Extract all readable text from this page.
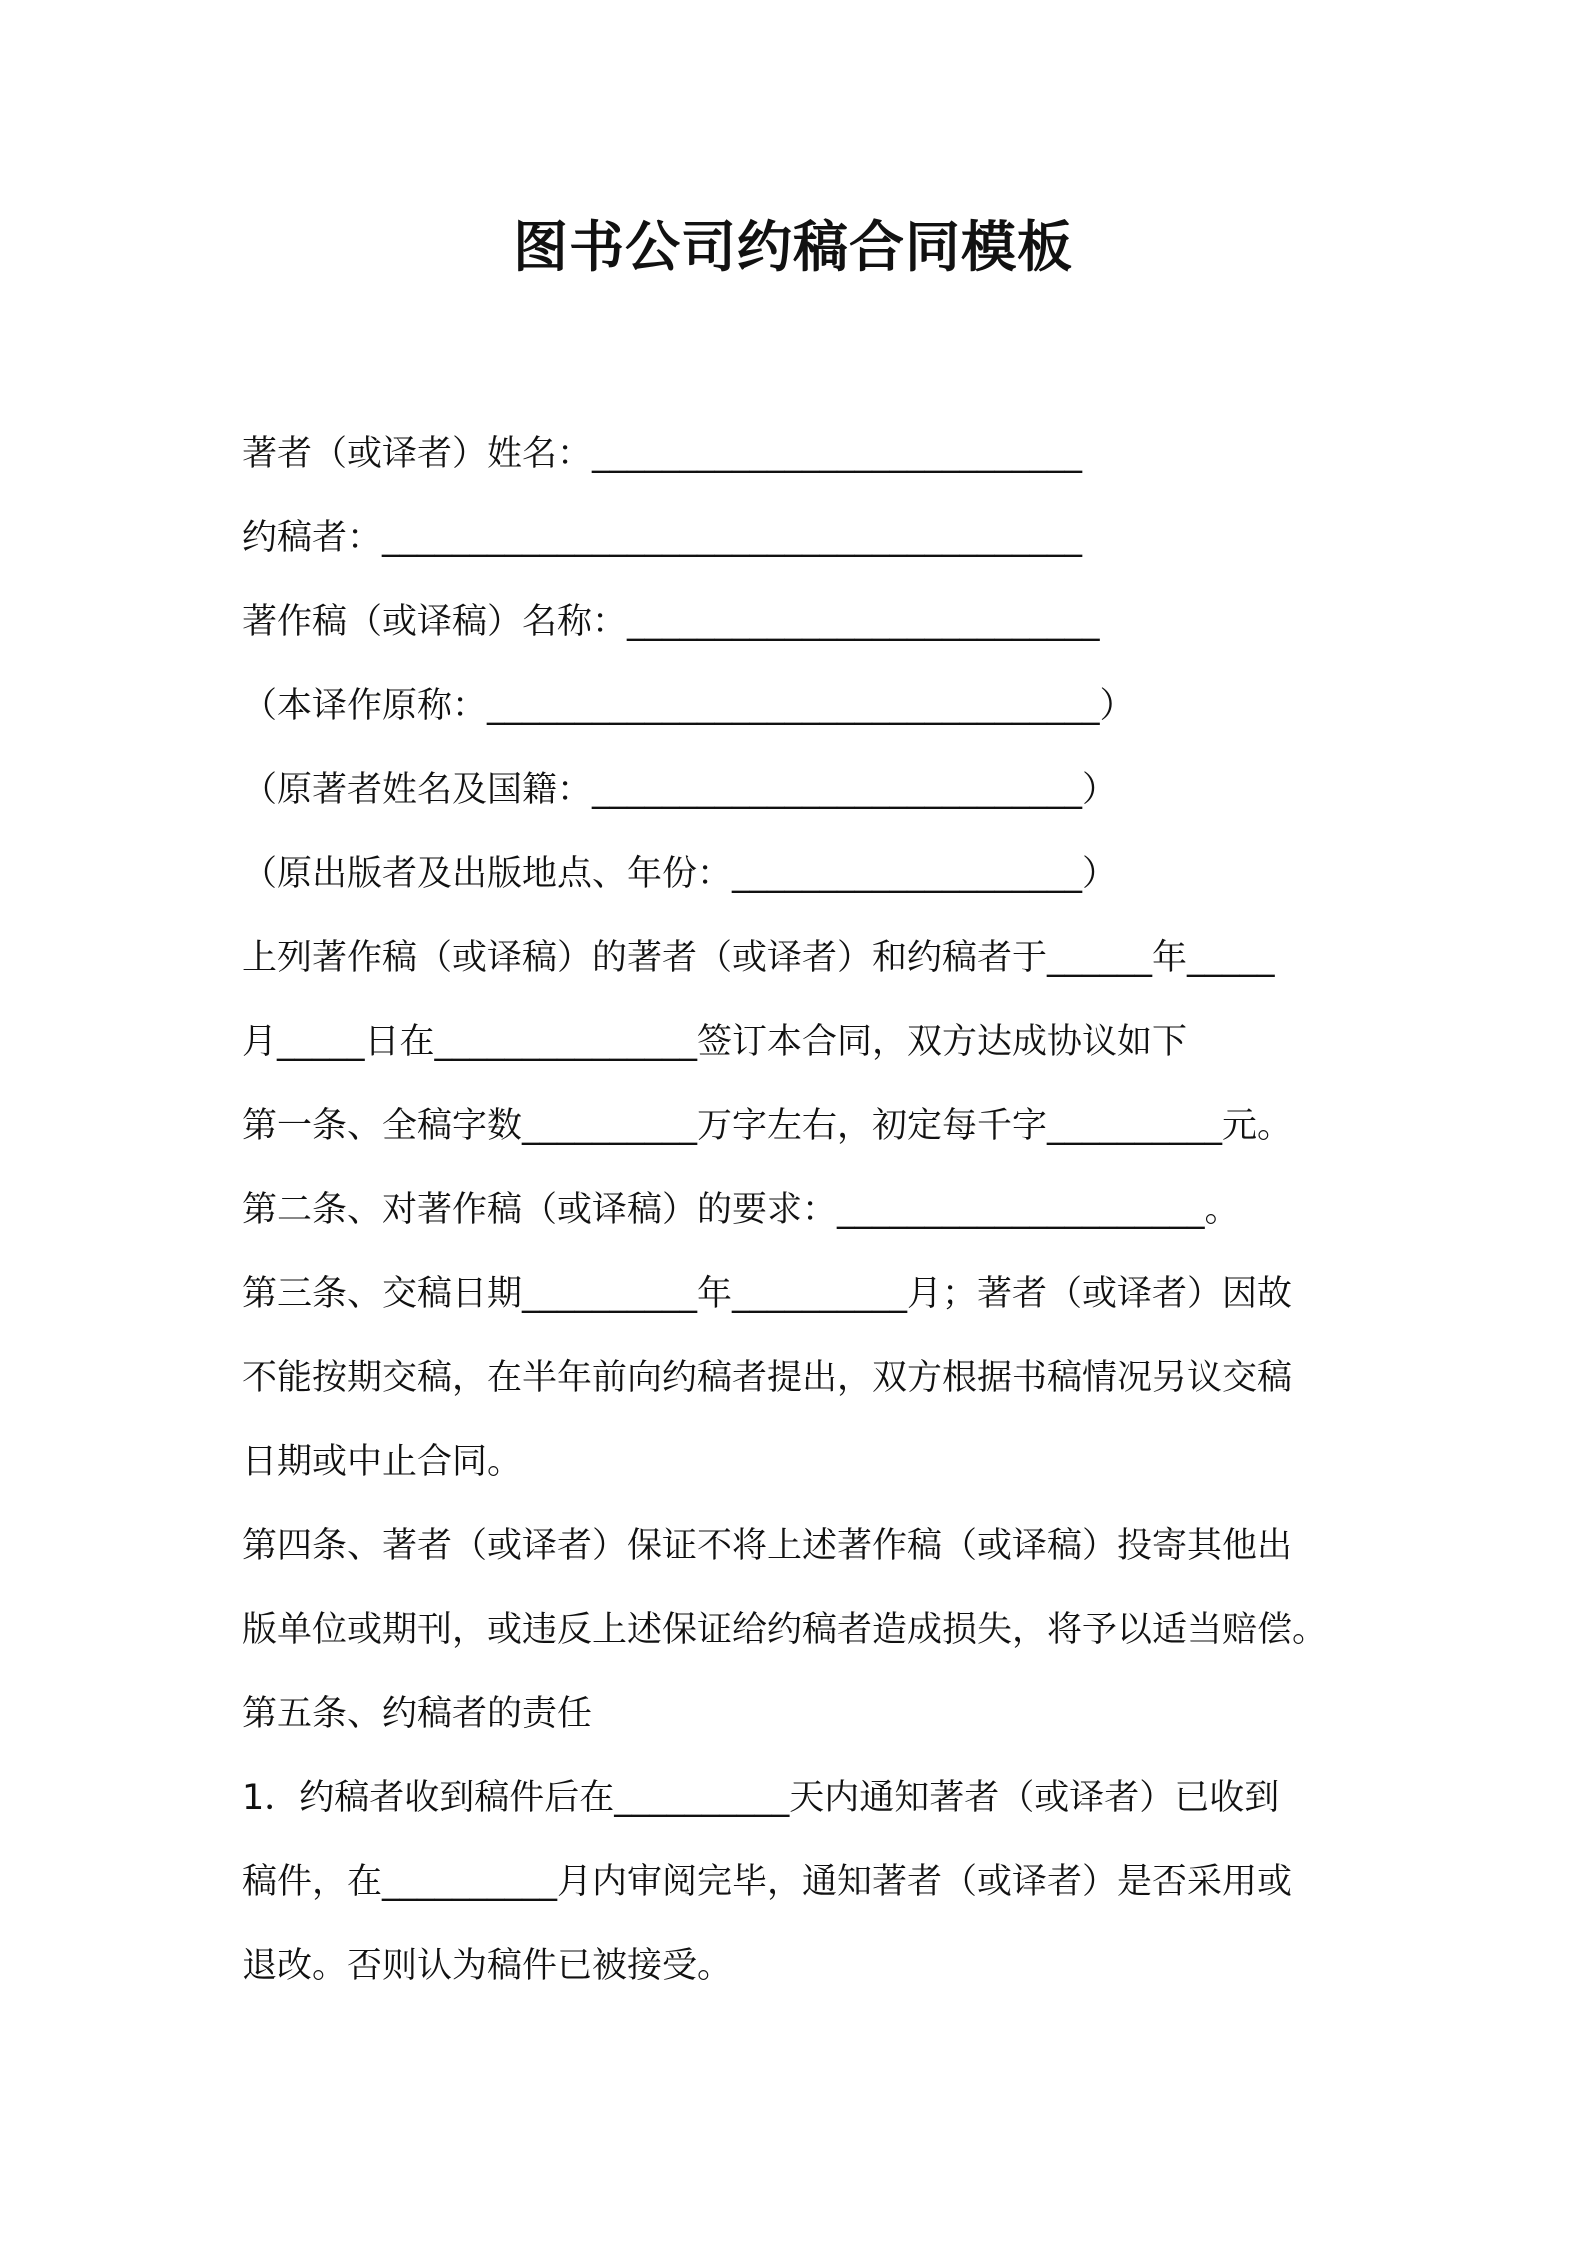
图书公司约稿合同模板
著者（或译者）姓名：____________________________
约稿者：________________________________________
著作稿（或译稿）名称：___________________________
（本译作原称：___________________________________）
（原著者姓名及国籍：____________________________）
（原出版者及出版地点、年份：____________________）
上列著作稿（或译稿）的著者（或译者）和约稿者于______年_____
月_____日在_______________签订本合同，双方达成协议如下
第一条、全稿字数__________万字左右，初定每千字__________元。
第二条、对著作稿（或译稿）的要求：_____________________。
第三条、交稿日期__________年__________月；著者（或译者）因故
不能按期交稿，在半年前向约稿者提出，双方根据书稿情况另议交稿
日期或中止合同。
第四条、著者（或译者）保证不将上述著作稿（或译稿）投寄其他出
版单位或期刊，或违反上述保证给约稿者造成损失，将予以适当赔偿。
第五条、约稿者的责任
1．约稿者收到稿件后在__________天内通知著者（或译者）已收到
稿件，在__________月内审阅完毕，通知著者（或译者）是否采用或
退改。否则认为稿件已被接受。
